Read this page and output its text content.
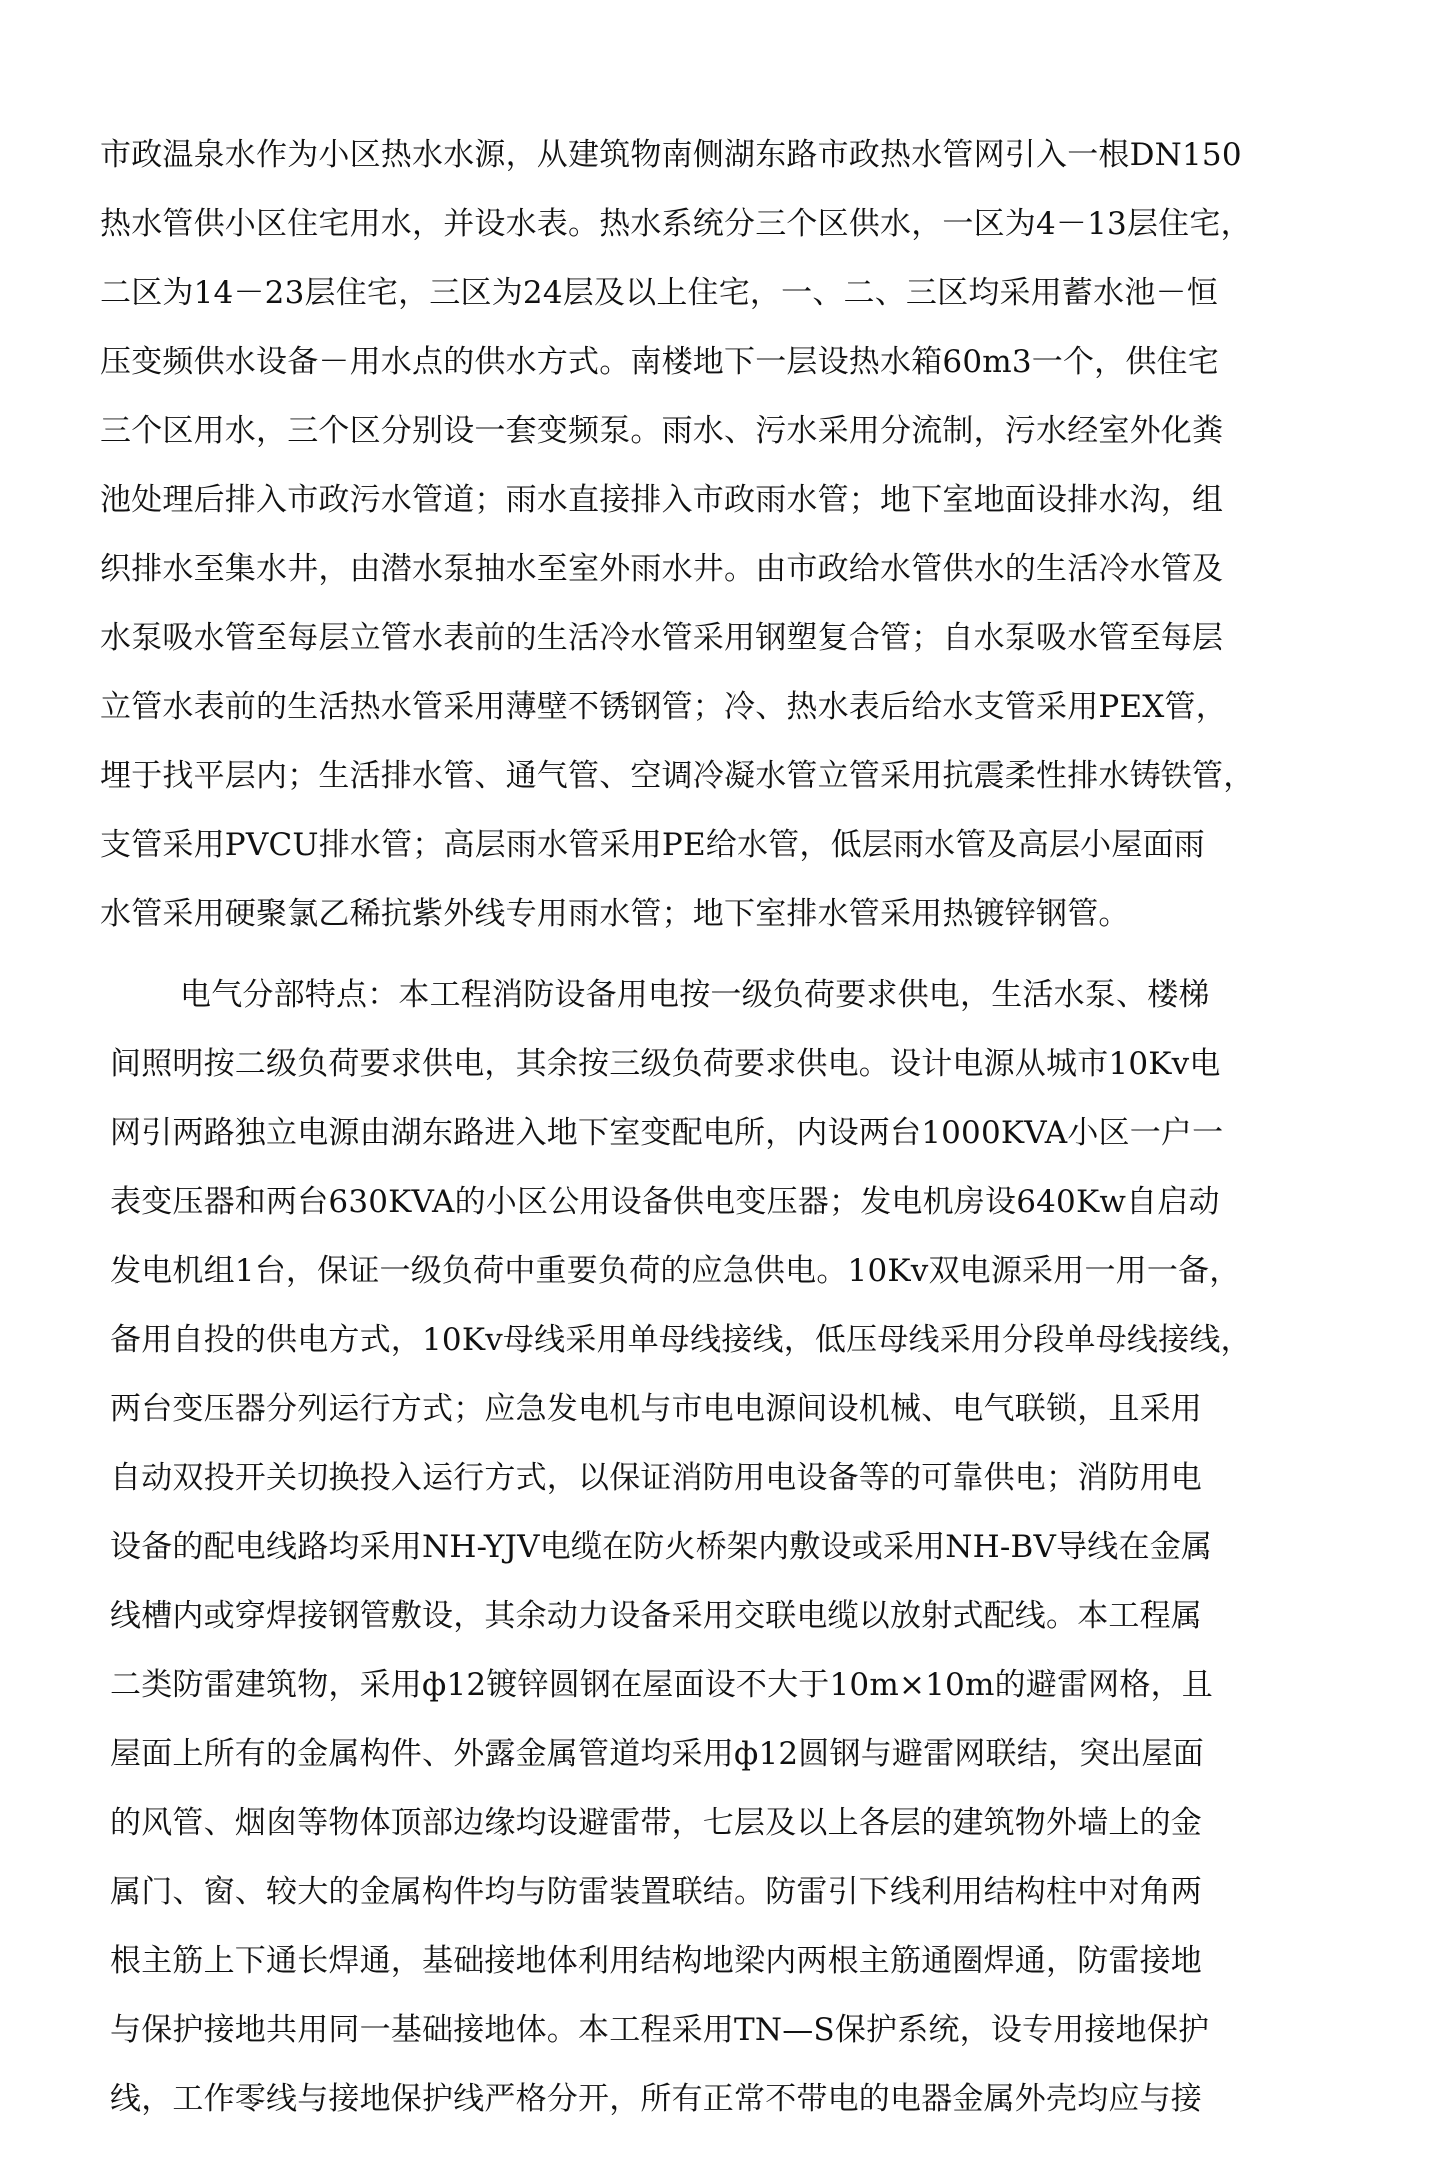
市政温泉水作为小区热水水源，从建筑物南侧湖东路市政热水管网引入一根DN150
热水管供小区住宅用水，并设水表。热水系统分三个区供水，一区为4－13层住宅，
二区为14－23层住宅，三区为24层及以上住宅，一、二、三区均采用蓄水池－恒
压变频供水设备－用水点的供水方式。南楼地下一层设热水箱60m3一个，供住宅
三个区用水，三个区分别设一套变频泵。雨水、污水采用分流制，污水经室外化粪
池处理后排入市政污水管道；雨水直接排入市政雨水管；地下室地面设排水沟，组
织排水至集水井，由潜水泵抽水至室外雨水井。由市政给水管供水的生活冷水管及
水泵吸水管至每层立管水表前的生活冷水管采用钢塑复合管；自水泵吸水管至每层
立管水表前的生活热水管采用薄壁不锈钢管；冷、热水表后给水支管采用PEX管，
埋于找平层内；生活排水管、通气管、空调冷凝水管立管采用抗震柔性排水铸铁管，
支管采用PVCU排水管；高层雨水管采用PE给水管，低层雨水管及高层小屋面雨
水管采用硬聚氯乙稀抗紫外线专用雨水管；地下室排水管采用热镀锌钢管。
电气分部特点：本工程消防设备用电按一级负荷要求供电，生活水泵、楼梯
间照明按二级负荷要求供电，其余按三级负荷要求供电。设计电源从城市10Kv电
网引两路独立电源由湖东路进入地下室变配电所，内设两台1000KVA小区一户一
表变压器和两台630KVA的小区公用设备供电变压器；发电机房设640Kw自启动
发电机组1台，保证一级负荷中重要负荷的应急供电。10Kv双电源采用一用一备，
备用自投的供电方式，10Kv母线采用单母线接线，低压母线采用分段单母线接线，
两台变压器分列运行方式；应急发电机与市电电源间设机械、电气联锁，且采用
自动双投开关切换投入运行方式，以保证消防用电设备等的可靠供电；消防用电
设备的配电线路均采用NH-YJV电缆在防火桥架内敷设或采用NH-BV导线在金属
线槽内或穿焊接钢管敷设，其余动力设备采用交联电缆以放射式配线。本工程属
二类防雷建筑物，采用ф12镀锌圆钢在屋面设不大于10m×10m的避雷网格，且
屋面上所有的金属构件、外露金属管道均采用ф12圆钢与避雷网联结，突出屋面
的风管、烟囱等物体顶部边缘均设避雷带，七层及以上各层的建筑物外墙上的金
属门、窗、较大的金属构件均与防雷装置联结。防雷引下线利用结构柱中对角两
根主筋上下通长焊通，基础接地体利用结构地梁内两根主筋通圈焊通，防雷接地
与保护接地共用同一基础接地体。本工程采用TN—S保护系统，设专用接地保护
线，工作零线与接地保护线严格分开，所有正常不带电的电器金属外壳均应与接
